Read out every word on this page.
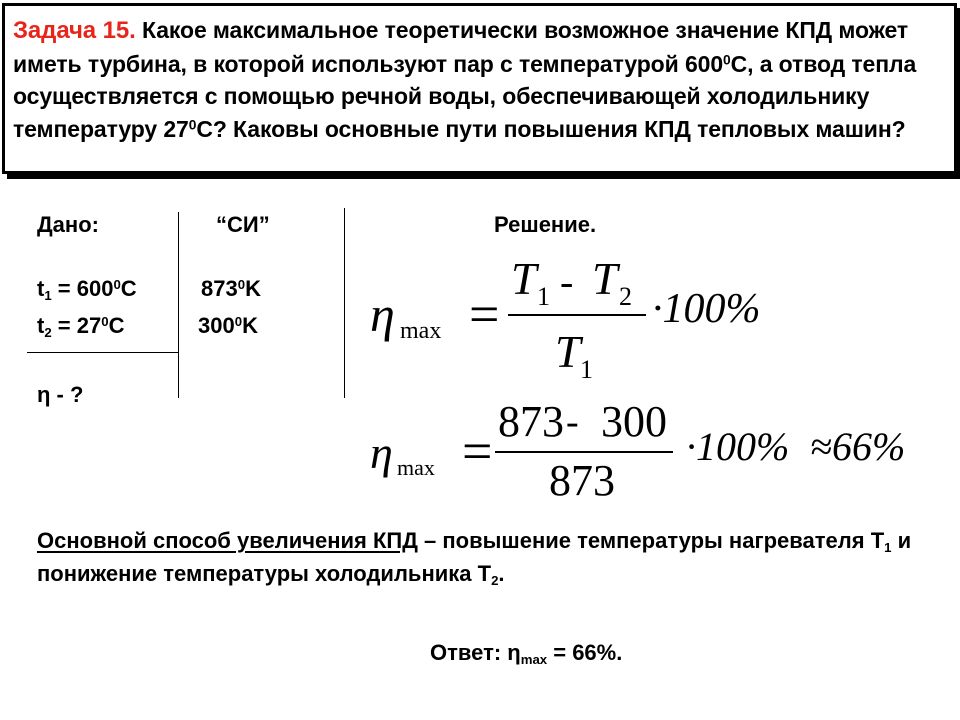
Задача 15. Какое максимальное теоретически возможное значение КПД может иметь турбина, в которой используют пар с температурой $600^0С$, а отвод тепла осуществляется с помощью речной воды, обеспечивающей холодильнику температуру $27^0С$? Каковы основные пути повышения КПД тепловых машин?
Дано:
$t_1 = 600^0С$
$t_2 = 27^0С$
η - ?
“СИ”
$873^0K$
$300^0K$
Решение.
η max =
T 1 - T 2
T 1
·100%
η max = 873 - 300
873
·100% ≈66%
Основной способ увеличения КПД – повышение температуры нагревателя $T_1$ и понижение температуры холодильника $T_2$.
Ответ: $\eta_{max} = 66\%$.
